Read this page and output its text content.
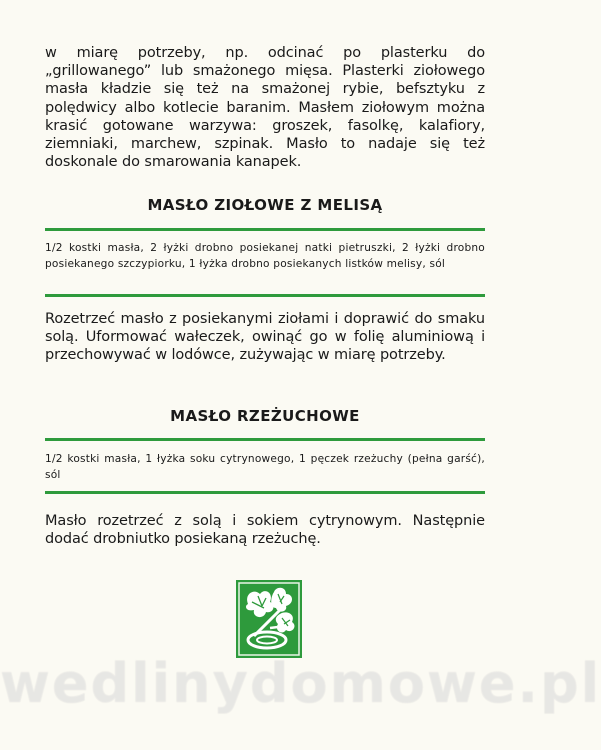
w miarę potrzeby, np. odcinać po plasterku do „grillowanego” lub smażonego mięsa. Plasterki ziołowego masła kładzie się też na smażonej rybie, befsztyku z polędwicy albo kotlecie baranim. Masłem ziołowym można krasić gotowane warzywa: groszek, fasolkę, kalafiory, ziemniaki, marchew, szpinak. Masło to nadaje się też doskonale do smarowania kanapek.

MASŁO ZIOŁOWE Z MELISĄ

1/2 kostki masła, 2 łyżki drobno posiekanej natki pietruszki, 2 łyżki drobno posiekanego szczypiorku, 1 łyżka drobno posiekanych listków melisy, sól

Rozetrzeć masło z posiekanymi ziołami i doprawić do smaku solą. Uformować wałeczek, owinąć go w folię aluminiową i przechowywać w lodówce, zużywając w miarę potrzeby.

MASŁO RZEŻUCHOWE

1/2 kostki masła, 1 łyżka soku cytrynowego, 1 pęczek rzeżuchy (pełna garść), sól

Masło rozetrzeć z solą i sokiem cytrynowym. Następnie dodać drobniutko posiekaną rzeżuchę.

wedlinydomowe.pl
